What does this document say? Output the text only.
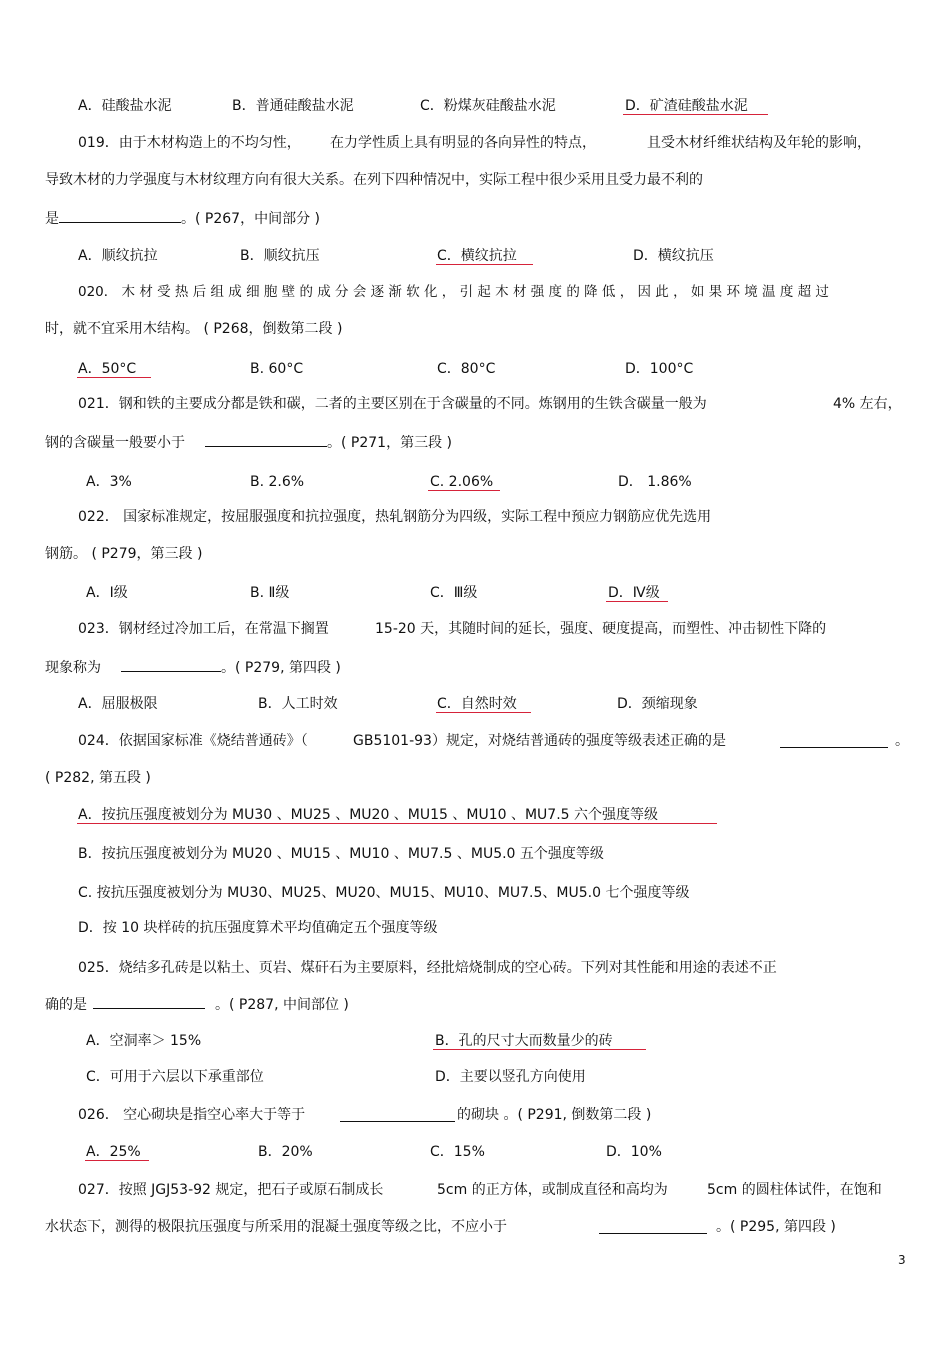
A．硅酸盐水泥	B．普通硅酸盐水泥	C．粉煤灰硅酸盐水泥	D．矿渣硅酸盐水泥
019．由于木材构造上的不均匀性， 在力学性质上具有明显的各向异性的特点，	且受木材纤维状结构及年轮的影响，
导致木材的力学强度与木材纹理方向有很大关系。在列下四种情况中，实际工程中很少采用且受力最不利的
是	。( P267，中间部分 )
A．顺纹抗拉	B．顺纹抗压	C．横纹抗拉	D．横纹抗压
020． 木 材 受 热 后 组 成 细 胞 壁 的 成 分 会 逐 渐 软 化 ， 引 起 木 材 强 度 的 降 低 ， 因 此 ， 如 果 环 境 温 度 超 过
时，就不宜采用木结构。 ( P268，倒数第二段 )
A．50°C	B. 60°C	C．80°C	D．100°C
021．钢和铁的主要成分都是铁和碳，二者的主要区别在于含碳量的不同。炼钢用的生铁含碳量一般为	4% 左右，
钢的含碳量一般要小于	。( P271，第三段 )
A．3%	B. 2.6%	C. 2.06%	D． 1.86%
022． 国家标准规定，按屈服强度和抗拉强度，热轧钢筋分为四级，实际工程中预应力钢筋应优先选用
钢筋。 ( P279，第三段 )
A．Ⅰ级	B. Ⅱ级	C．Ⅲ级	D．Ⅳ级
023．钢材经过冷加工后，在常温下搁置	15-20 天，其随时间的延长，强度、硬度提高，而塑性、冲击韧性下降的
现象称为	。( P279, 第四段 )
A．屈服极限	B．人工时效	C．自然时效	D．颈缩现象
024．依据国家标准《烧结普通砖》（	GB5101-93）规定，对烧结普通砖的强度等级表述正确的是	。
( P282, 第五段 )
A．按抗压强度被划分为 MU30 、MU25 、MU20 、MU15 、MU10 、MU7.5 六个强度等级
B．按抗压强度被划分为 MU20 、MU15 、MU10 、MU7.5 、MU5.0 五个强度等级
C. 按抗压强度被划分为 MU30、MU25、MU20、MU15、MU10、MU7.5、MU5.0 七个强度等级
D．按 10 块样砖的抗压强度算术平均值确定五个强度等级
025．烧结多孔砖是以粘土、页岩、煤矸石为主要原料，经批焙烧制成的空心砖。下列对其性能和用途的表述不正
确的是	。( P287, 中间部位 )
A．空洞率＞ 15%	B．孔的尺寸大而数量少的砖
C．可用于六层以下承重部位	D．主要以竖孔方向使用
026． 空心砌块是指空心率大于等于	的砌块 。( P291, 倒数第二段 )
A．25%	B．20%	C．15%	D．10%
027．按照 JGJ53-92 规定，把石子或原石制成长	5cm 的正方体，或制成直径和高均为	5cm 的圆柱体试件，在饱和
水状态下，测得的极限抗压强度与所采用的混凝土强度等级之比，不应小于	。( P295, 第四段 )
3
